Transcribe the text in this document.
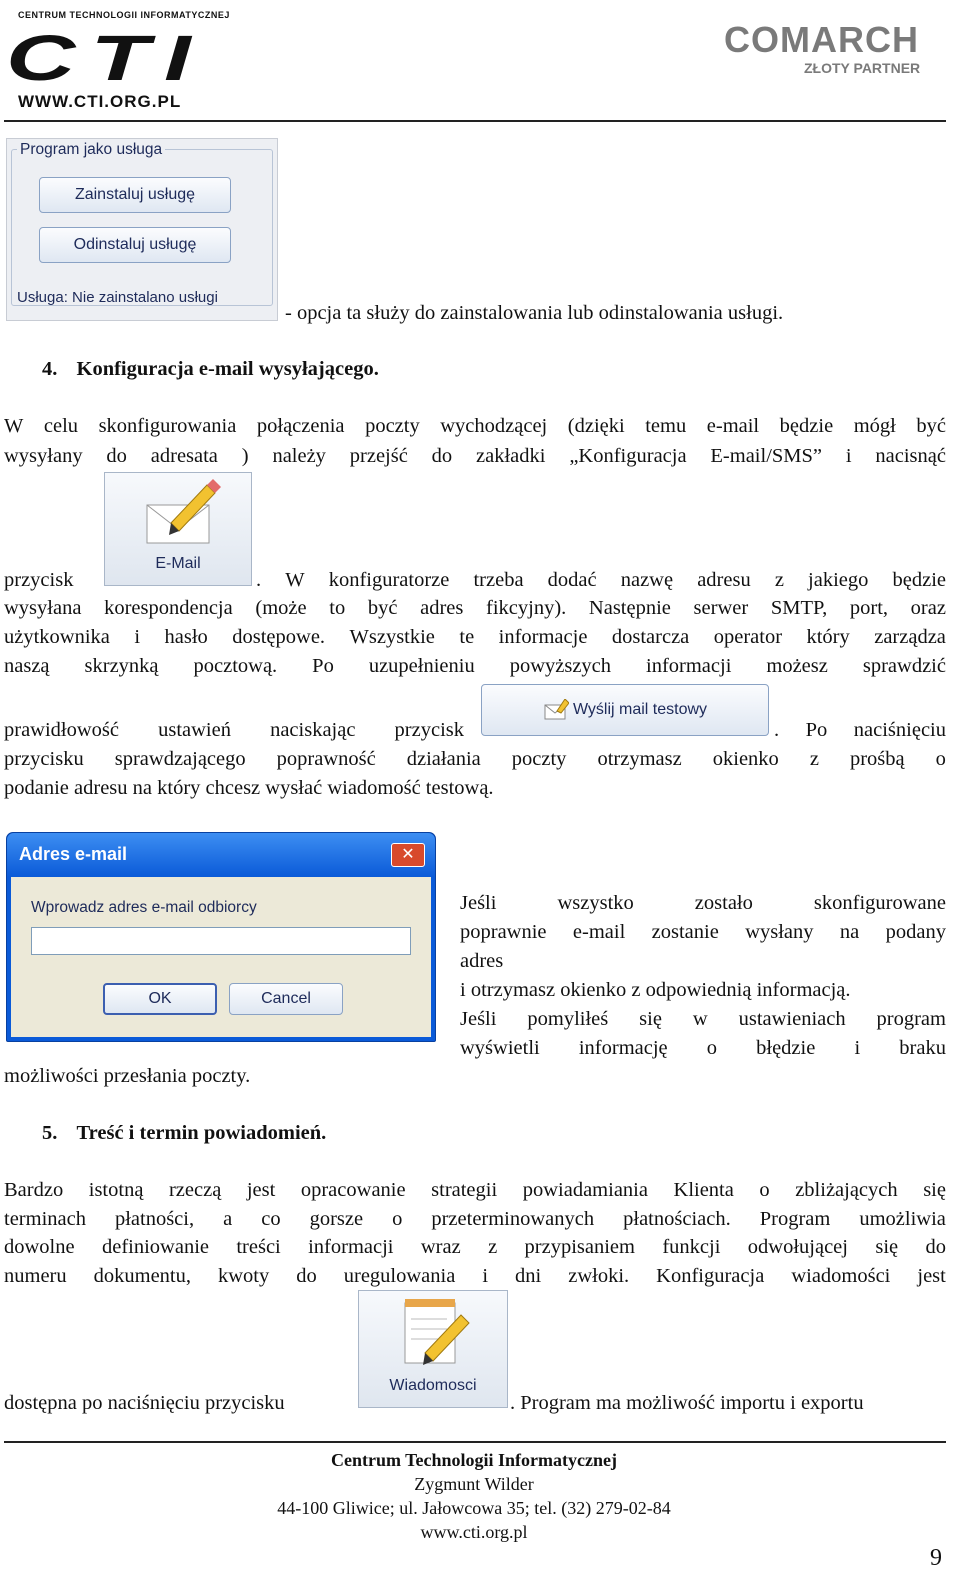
CENTRUM TECHNOLOGII INFORMATYCZNEJ
CTI
WWW.CTI.ORG.PL
COMARCH
ZŁOTY PARTNER
Program jako usługa
Zainstaluj usługę
Odinstaluj usługę
Usługa: Nie zainstalano usługi
- opcja ta służy do zainstalowania lub odinstalowania usługi.
4. Konfiguracja e-mail wysyłającego.
W celu skonfigurowania połączenia poczty wychodzącej (dzięki temu e-mail będzie mógł być
wysyłany do adresata ) należy przejść do zakładki „Konfiguracja E-mail/SMS” i nacisnąć
E-Mail
przycisk	. W konfiguratorze trzeba dodać nazwę adresu z jakiego będzie
wysyłana korespondencja (może to być adres fikcyjny). Następnie serwer SMTP, port, oraz
użytkownika i hasło dostępowe. Wszystkie te informacje dostarcza operator który zarządza
naszą skrzynką pocztową. Po uzupełnieniu powyższych informacji możesz sprawdzić
Wyślij mail testowy
prawidłowość ustawień naciskając przycisk	. Po naciśnięciu
przycisku sprawdzającego poprawność działania poczty otrzymasz okienko z prośbą o
podanie adresu na który chcesz wysłać wiadomość testową.
Adres e-mail	✕
Wprowadz adres e-mail odbiorcy
OK	Cancel
Jeśli	wszystko	zostało	skonfigurowane
poprawnie e-mail zostanie wysłany na podany
adres
i otrzymasz okienko z odpowiednią informacją.
Jeśli pomyliłeś się w ustawieniach program
wyświetli informację o błędzie i braku
możliwości przesłania poczty.
5. Treść i termin powiadomień.
Bardzo istotną rzeczą jest opracowanie strategii powiadamiania Klienta o zbliżających się
terminach płatności, a co gorsze o przeterminowanych płatnościach. Program umożliwia
dowolne definiowanie treści informacji wraz z przypisaniem funkcji odwołującej się do
numeru dokumentu, kwoty do uregulowania i dni zwłoki. Konfiguracja wiadomości jest
Wiadomosci
dostępna po naciśnięciu przycisku	. Program ma możliwość importu i exportu
Centrum Technologii Informatycznej
Zygmunt Wilder
44-100 Gliwice; ul. Jałowcowa 35; tel. (32) 279-02-84
www.cti.org.pl
9
